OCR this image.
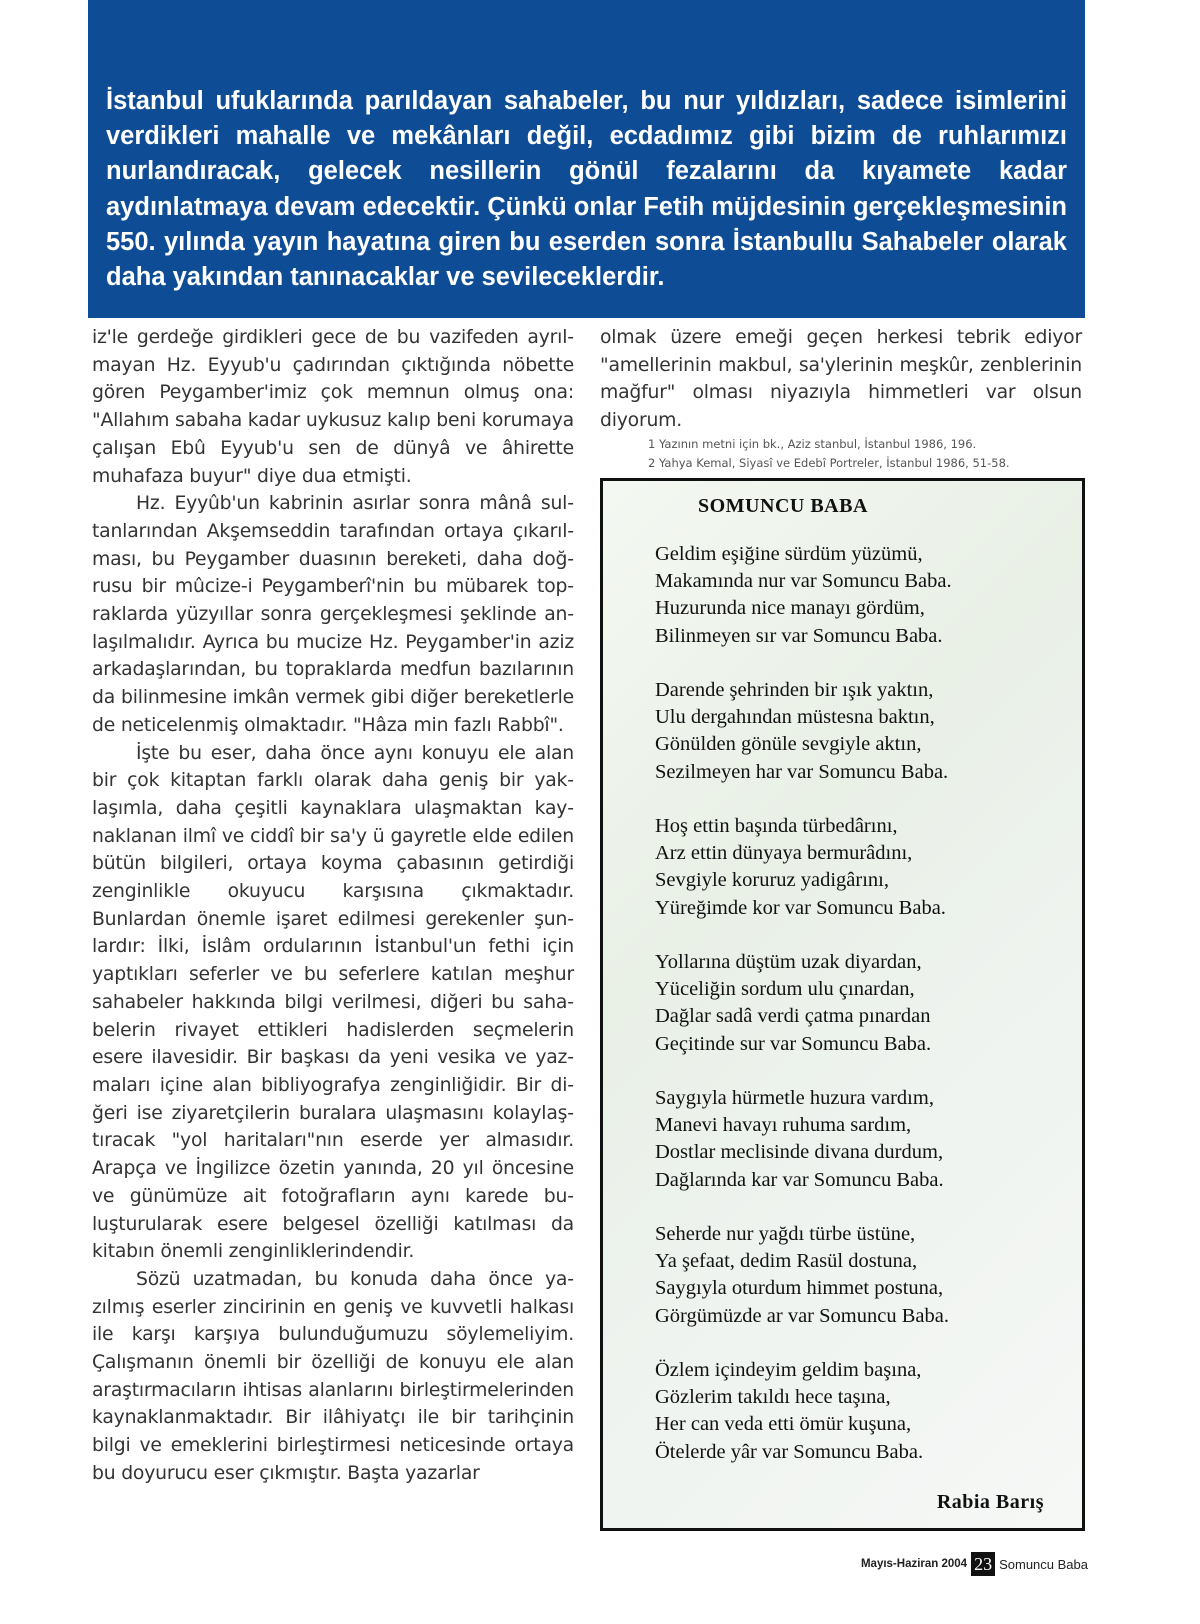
İstanbul ufuklarında parıldayan sahabeler, bu nur yıldızları, sadece isimlerini verdikleri mahalle ve mekânları değil, ecdadımız gibi bizim de ruhlarımızı nurlandıracak, gelecek nesillerin gönül fezalarını da kıyamete kadar aydınlatmaya devam edecektir. Çünkü onlar Fetih müjdesinin gerçekleşmesinin 550. yılında yayın hayatına giren bu eserden sonra İstanbullu Sahabeler olarak daha yakından tanınacaklar ve sevileceklerdir.

iz'le gerdeğe girdikleri gece de bu vazifeden ayrılmayan Hz. Eyyub'u çadırından çıktığında nöbette gören Peygamber'imiz çok memnun olmuş ona: "Allahım sabaha kadar uykusuz kalıp beni korumaya çalışan Ebû Eyyub'u sen de dünyâ ve âhirette muhafaza buyur" diye dua etmişti.

Hz. Eyyûb'un kabrinin asırlar sonra mânâ sultanlarından Akşemseddin tarafından ortaya çıkarılması, bu Peygamber duasının bereketi, daha doğrusu bir mûcize-i Peygamberî'nin bu mübarek topraklarda yüzyıllar sonra gerçekleşmesi şeklinde anlaşılmalıdır. Ayrıca bu mucize Hz. Peygamber'in aziz arkadaşlarından, bu topraklarda medfun bazılarının da bilinmesine imkân vermek gibi diğer bereketlerle de neticelenmiş olmaktadır. "Hâza min fazlı Rabbî".

İşte bu eser, daha önce aynı konuyu ele alan bir çok kitaptan farklı olarak daha geniş bir yaklaşımla, daha çeşitli kaynaklara ulaşmaktan kaynaklanan ilmî ve ciddî bir sa'y ü gayretle elde edilen bütün bilgileri, ortaya koyma çabasının getirdiği zenginlikle okuyucu karşısına çıkmaktadır. Bunlardan önemle işaret edilmesi gerekenler şunlardır: İlki, İslâm ordularının İstanbul'un fethi için yaptıkları seferler ve bu seferlere katılan meşhur sahabeler hakkında bilgi verilmesi, diğeri bu sahabelerin rivayet ettikleri hadislerden seçmelerin esere ilavesidir. Bir başkası da yeni vesika ve yazmaları içine alan bibliyografya zenginliğidir. Bir diğeri ise ziyaretçilerin buralara ulaşmasını kolaylaştıracak "yol haritaları"nın eserde yer almasıdır. Arapça ve İngilizce özetin yanında, 20 yıl öncesine ve günümüze ait fotoğrafların aynı karede buluşturularak esere belgesel özelliği katılması da kitabın önemli zenginliklerindendir.

Sözü uzatmadan, bu konuda daha önce yazılmış eserler zincirinin en geniş ve kuvvetli halkası ile karşı karşıya bulunduğumuzu söylemeliyim. Çalışmanın önemli bir özelliği de konuyu ele alan araştırmacıların ihtisas alanlarını birleştirmelerinden kaynaklanmaktadır. Bir ilâhiyatçı ile bir tarihçinin bilgi ve emeklerini birleştirmesi neticesinde ortaya bu doyurucu eser çıkmıştır. Başta yazarlar

olmak üzere emeği geçen herkesi tebrik ediyor "amellerinin makbul, sa'ylerinin meşkûr, zenblerinin mağfur" olması niyazıyla himmetleri var olsun diyorum.

1 Yazının metni için bk., Aziz stanbul, İstanbul 1986, 196.
2 Yahya Kemal, Siyasî ve Edebî Portreler, İstanbul 1986, 51-58.
SOMUNCU BABA
Geldim eşiğine sürdüm yüzümü,
Makamında nur var Somuncu Baba.
Huzurunda nice manayı gördüm,
Bilinmeyen sır var Somuncu Baba.
Darende şehrinden bir ışık yaktın,
Ulu dergahından müstesna baktın,
Gönülden gönüle sevgiyle aktın,
Sezilmeyen har var Somuncu Baba.
Hoş ettin başında türbedârını,
Arz ettin dünyaya bermurâdını,
Sevgiyle koruruz yadigârını,
Yüreğimde kor var Somuncu Baba.
Yollarına düştüm uzak diyardan,
Yüceliğin sordum ulu çınardan,
Dağlar sadâ verdi çatma pınardan
Geçitinde sur var Somuncu Baba.
Saygıyla hürmetle huzura vardım,
Manevi havayı ruhuma sardım,
Dostlar meclisinde divana durdum,
Dağlarında kar var Somuncu Baba.
Seherde nur yağdı türbe üstüne,
Ya şefaat, dedim Rasül dostuna,
Saygıyla oturdum himmet postuna,
Görgümüzde ar var Somuncu Baba.
Özlem içindeyim geldim başına,
Gözlerim takıldı hece taşına,
Her can veda etti ömür kuşuna,
Ötelerde yâr var Somuncu Baba.
Rabia Barış
Mayıs-Haziran 2004 23 Somuncu Baba
